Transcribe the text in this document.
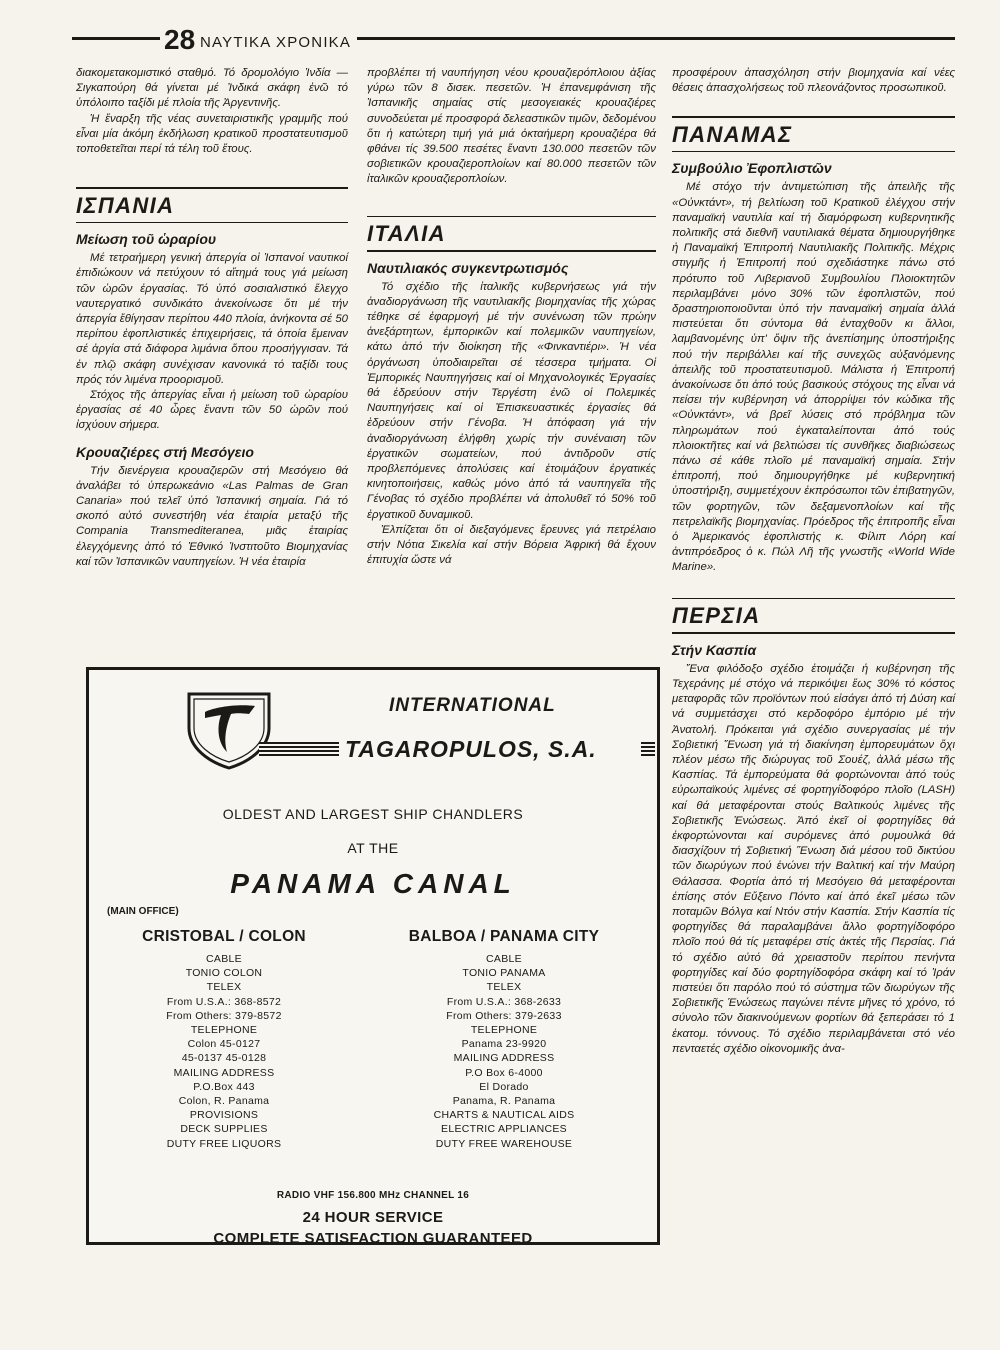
28 ΝΑΥΤΙΚΑ ΧΡΟΝΙΚΑ

διακομετακομιστικό σταθμό. Τό δρομολόγιο Ἰνδία — Σιγκαπούρη θά γίνεται μέ Ἰνδικά σκάφη ἐνῶ τό ὑπόλοιπο ταξίδι μέ πλοία τῆς Ἀργεντινῆς.

Ἡ ἔναρξη τῆς νέας συνεταιριστικῆς γραμμῆς πού εἶναι μία ἀκόμη ἐκδήλωση κρατικοῦ προστατευτισμοῦ τοποθετεῖται περί τά τέλη τοῦ ἔτους.

ΙΣΠΑΝΙΑ
Μείωση τοῦ ὡραρίου

Μέ τετραήμερη γενική ἀπεργία οἱ Ἰσπανοί ναυτικοί ἐπιδιώκουν νά πετύχουν τό αἴτημά τους γιά μείωση τῶν ὡρῶν ἐργασίας. Τό ὑπό σοσιαλιστικό ἔλεγχο ναυτεργατικό συνδικάτο ἀνεκοίνωσε ὅτι μέ τήν ἀπεργία ἔθίγησαν περίπου 440 πλοία, ἀνήκοντα σέ 50 περίπου ἐφοπλιστικές ἐπιχειρήσεις, τά ὁποία ἔμειναν σέ ἀργία στά διάφορα λιμάνια ὅπου προσήγγισαν. Τά ἐν πλῷ σκάφη συνέχισαν κανονικά τό ταξίδι τους πρός τόν λιμένα προορισμοῦ.

Στόχος τῆς ἀπεργίας εἶναι ἡ μείωση τοῦ ὡραρίου ἐργασίας σέ 40 ὧρες ἔναντι τῶν 50 ὡρῶν πού ἰσχύουν σήμερα.

Κρουαζιέρες στή Μεσόγειο

Τήν διενέργεια κρουαζιερῶν στή Μεσόγειο θά ἀναλάβει τό ὑπερωκεάνιο «Las Palmas de Gran Canaria» πού τελεῖ ὑπό Ἰσπανική σημαία. Γιά τό σκοπό αὐτό συνεστήθη νέα ἑταιρία μεταξύ τῆς Compania Transmediteranea, μιᾶς ἑταιρίας ἐλεγχόμενης ἀπό τό Ἐθνικό Ἰνστιτοῦτο Βιομηχανίας καί τῶν Ἰσπανικῶν ναυπηγείων. Ἡ νέα ἑταιρία

προβλέπει τή ναυπήγηση νέου κρουαζιερόπλοιου ἀξίας γύρω τῶν 8 δισεκ. πεσετῶν. Ἡ ἐπανεμφάνιση τῆς Ἰσπανικῆς σημαίας στίς μεσογειακές κρουαζιέρες συνοδεύεται μέ προσφορά δελεαστικῶν τιμῶν, δεδομένου ὅτι ἡ κατώτερη τιμή γιά μιά ὀκταήμερη κρουαζιέρα θά φθάνει τίς 39.500 πεσέτες ἔναντι 130.000 πεσετῶν τῶν σοβιετικῶν κρουαζιεροπλοίων καί 80.000 πεσετῶν τῶν ἰταλικῶν κρουαζιεροπλοίων.

ΙΤΑΛΙΑ
Ναυτιλιακός συγκεντρωτισμός

Τό σχέδιο τῆς ἰταλικῆς κυβερνήσεως γιά τήν ἀναδιοργάνωση τῆς ναυτιλιακῆς βιομηχανίας τῆς χώρας τέθηκε σέ ἐφαρμογή μέ τήν συνένωση τῶν πρώην ἀνεξάρτητων, ἐμπορικῶν καί πολεμικῶν ναυπηγείων, κάτω ἀπό τήν διοίκηση τῆς «Φινκαντιέρι». Ἡ νέα ὀργάνωση ὑποδιαιρεῖται σέ τέσσερα τμήματα. Οἱ Ἐμπορικές Ναυπηγήσεις καί οἱ Μηχανολογικές Ἐργασίες θά ἑδρεύουν στήν Τεργέστη ἐνῶ οἱ Πολεμικές Ναυπηγήσεις καί οἱ Ἐπισκευαστικές ἐργασίες θά ἑδρεύουν στήν Γένοβα. Ἡ ἀπόφαση γιά τήν ἀναδιοργάνωση ἐλήφθη χωρίς τήν συνέναιση τῶν ἐργατικῶν σωματείων, πού ἀντιδροῦν στίς προβλεπόμενες ἀπολύσεις καί ἑτοιμάζουν ἐργατικές κινητοποιήσεις, καθώς μόνο ἀπό τά ναυπηγεῖα τῆς Γένοβας τό σχέδιο προβλέπει νά ἀπολυθεῖ τό 50% τοῦ ἐργατικοῦ δυναμικοῦ.

Ἐλπίζεται ὅτι οἱ διεξαγόμενες ἔρευνες γιά πετρέλαιο στήν Νότια Σικελία καί στήν Βόρεια Ἀφρική θά ἔχουν ἐπιτυχία ὥστε νά

προσφέρουν ἀπασχόληση στήν βιομηχανία καί νέες θέσεις ἀπασχολήσεως τοῦ πλεονάζοντος προσωπικοῦ.

ΠΑΝΑΜΑΣ
Συμβούλιο Ἐφοπλιστῶν

Μέ στόχο τήν ἀντιμετώπιση τῆς ἀπειλῆς τῆς «Οὐνκτάντ», τή βελτίωση τοῦ Κρατικοῦ ἐλέγχου στήν παναμαϊκή ναυτιλία καί τή διαμόρφωση κυβερνητικῆς πολιτικῆς στά διεθνῆ ναυτιλιακά θέματα δημιουργήθηκε ἡ Παναμαϊκή Ἐπιτροπή Ναυτιλιακῆς Πολιτικῆς. Μέχρις στιγμῆς ἡ Ἐπιτροπή πού σχεδιάστηκε πάνω στό πρότυπο τοῦ Λιβεριανοῦ Συμβουλίου Πλοιοκτητῶν περιλαμβάνει μόνο 30% τῶν ἐφοπλιστῶν, πού δραστηριοποιοῦνται ὑπό τήν παναμαϊκή σημαία ἀλλά πιστεύεται ὅτι σύντομα θά ἐνταχθοῦν κι ἄλλοι, λαμβανομένης ὑπ' ὄψιν τῆς ἀνεπίσημης ὑποστήριξης πού τήν περιβάλλει καί τῆς συνεχῶς αὐξανόμενης ἀπειλῆς τοῦ προστατευτισμοῦ. Μάλιστα ἡ Ἐπιτροπή ἀνακοίνωσε ὅτι ἀπό τούς βασικούς στόχους της εἶναι νά πείσει τήν κυβέρνηση νά ἀπορρίψει τόν κώδικα τῆς «Οὐνκτάντ», νά βρεῖ λύσεις στό πρόβλημα τῶν πληρωμάτων πού ἐγκαταλείπονται ἀπό τούς πλοιοκτῆτες καί νά βελτιώσει τίς συνθῆκες διαβιώσεως πάνω σέ κάθε πλοῖο μέ παναμαϊκή σημαία. Στήν ἐπιτροπή, πού δημιουργήθηκε μέ κυβερνητική ὑποστήριξη, συμμετέχουν ἐκπρόσωποι τῶν ἐπιβατηγῶν, τῶν φορτηγῶν, τῶν δεξαμενοπλοίων καί τῆς πετρελαϊκῆς βιομηχανίας. Πρόεδρος τῆς ἐπιτροπῆς εἶναι ὁ Ἀμερικανός ἐφοπλιστής κ. Φίλιπ Λόρη καί ἀντιπρόεδρος ὁ κ. Πώλ Λῆ τῆς γνωστῆς «World Wide Marine».

ΠΕΡΣΙΑ
Στήν Κασπία

Ἕνα φιλόδοξο σχέδιο ἑτοιμάζει ἡ κυβέρνηση τῆς Τεχεράνης μέ στόχο νά περικόψει ἕως 30% τό κόστος μεταφορᾶς τῶν προϊόντων πού εἰσάγει ἀπό τή Δύση καί νά συμμετάσχει στό κερδοφόρο ἐμπόριο μέ τήν Ἀνατολή. Πρόκειται γιά σχέδιο συνεργασίας μέ τήν Σοβιετική Ἕνωση γιά τή διακίνηση ἐμπορευμάτων ὄχι πλέον μέσω τῆς διώρυγας τοῦ Σουέζ, ἀλλά μέσω τῆς Κασπίας. Τά ἐμπορεύματα θά φορτώνονται ἀπό τούς εὐρωπαϊκούς λιμένες σέ φορτηγίδοφόρο πλοῖο (LASH) καί θά μεταφέρονται στούς Βαλτικούς λιμένες τῆς Σοβιετικῆς Ἑνώσεως. Ἀπό ἐκεῖ οἱ φορτηγίδες θά ἐκφορτώνονται καί συρόμενες ἀπό ρυμουλκά θά διασχίζουν τή Σοβιετική Ἕνωση διά μέσου τοῦ δικτύου τῶν διωρύγων πού ἑνώνει τήν Βαλτική καί τήν Μαύρη Θάλασσα. Φορτία ἀπό τή Μεσόγειο θά μεταφέρονται ἐπίσης στόν Εὔξεινο Πόντο καί ἀπό ἐκεῖ μέσω τῶν ποταμῶν Βόλγα καί Ντόν στήν Κασπία. Στήν Κασπία τίς φορτηγίδες θά παραλαμβάνει ἄλλο φορτηγίδοφόρο πλοῖο πού θά τίς μεταφέρει στίς ἀκτές τῆς Περσίας. Γιά τό σχέδιο αὐτό θά χρειαστοῦν περίπου πενήντα φορτηγίδες καί δύο φορτηγίδοφόρα σκάφη καί τό Ἰράν πιστεύει ὅτι παρόλο πού τό σύστημα τῶν διωρύγων τῆς Σοβιετικῆς Ἑνώσεως παγώνει πέντε μῆνες τό χρόνο, τό σύνολο τῶν διακινούμενων φορτίων θά ξεπεράσει τό 1 ἑκατομ. τόννους. Τό σχέδιο περιλαμβάνεται στό νέο πενταετές σχέδιο οἰκονομικῆς ἀνα-

INTERNATIONAL
TAGAROPULOS, S.A.
OLDEST AND LARGEST SHIP CHANDLERS
AT THE
PANAMA CANAL
(MAIN OFFICE)
CRISTOBAL / COLON
CABLE
TONIO COLON
TELEX
From U.S.A.: 368-8572
From Others: 379-8572
TELEPHONE
Colon 45-0127
45-0137 45-0128
MAILING ADDRESS
P.O.Box 443
Colon, R. Panama
PROVISIONS
DECK SUPPLIES
DUTY FREE LIQUORS
BALBOA / PANAMA CITY
CABLE
TONIO PANAMA
TELEX
From U.S.A.: 368-2633
From Others: 379-2633
TELEPHONE
Panama 23-9920
MAILING ADDRESS
P.O Box 6-4000
El Dorado
Panama, R. Panama
CHARTS & NAUTICAL AIDS
ELECTRIC APPLIANCES
DUTY FREE WAREHOUSE
RADIO VHF 156.800 MHz CHANNEL 16
24 HOUR SERVICE
COMPLETE SATISFACTION GUARANTEED
